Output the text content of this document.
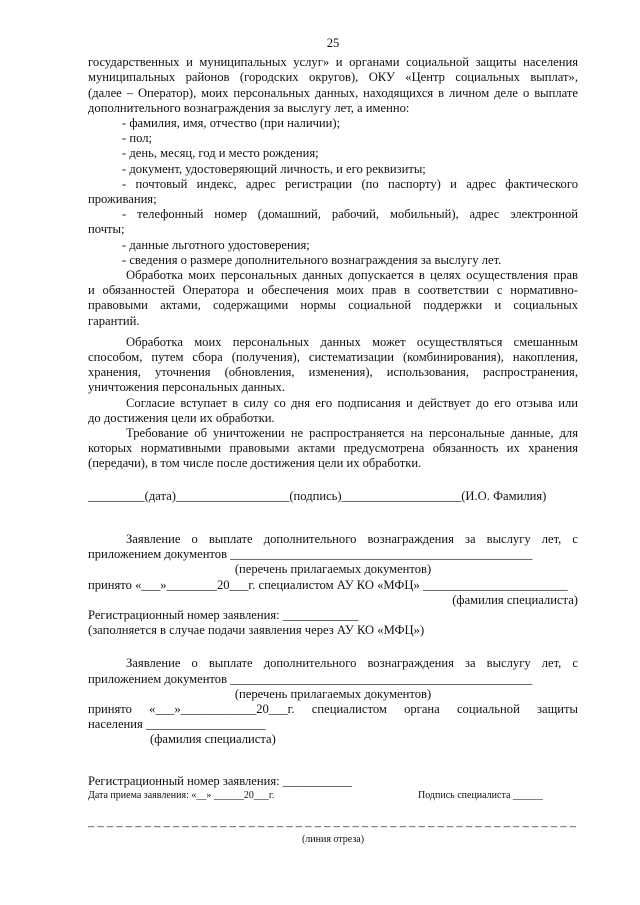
25
государственных и муниципальных услуг» и органами социальной защиты населения
муниципальных районов (городских округов), ОКУ «Центр социальных выплат»,
(далее – Оператор), моих персональных данных, находящихся в личном деле о выплате
дополнительного вознаграждения за выслугу лет, а именно:
- фамилия, имя, отчество (при наличии);
- пол;
- день, месяц, год и место рождения;
- документ, удостоверяющий личность, и его реквизиты;
- почтовый индекс, адрес регистрации (по паспорту) и адрес фактического
проживания;
- телефонный номер (домашний, рабочий, мобильный), адрес электронной
почты;
- данные льготного удостоверения;
- сведения о размере дополнительного вознаграждения за выслугу лет.
Обработка моих персональных данных допускается в целях осуществления прав
и обязанностей Оператора и обеспечения моих прав в соответствии с нормативно-
правовыми актами, содержащими нормы социальной поддержки и социальных
гарантий.
Обработка моих персональных данных может осуществляться смешанным
способом, путем сбора (получения), систематизации (комбинирования), накопления,
хранения, уточнения (обновления, изменения), использования, распространения,
уничтожения персональных данных.
Согласие вступает в силу со дня его подписания и действует до его отзыва или
до достижения цели их обработки.
Требование об уничтожении не распространяется на персональные данные, для
которых нормативными правовыми актами предусмотрена обязанность их хранения
(передачи), в том числе после достижения цели их обработки.
_________(дата)__________________(подпись)___________________(И.О. Фамилия)
Заявление о выплате дополнительного вознаграждения за выслугу лет, с
приложением документов ________________________________________________
(перечень прилагаемых документов)
принято «___»________20___г. специалистом АУ КО «МФЦ» _______________________
(фамилия специалиста)
Регистрационный номер заявления: ____________
(заполняется в случае подачи заявления через АУ КО «МФЦ»)
Заявление о выплате дополнительного вознаграждения за выслугу лет, с
приложением документов ________________________________________________
(перечень прилагаемых документов)
принято «___»____________20___г. специалистом органа социальной защиты
населения ___________________
(фамилия специалиста)
Регистрационный номер заявления: ___________
Дата приема заявления: «__» ______20___г.	Подпись специалиста ______
– – – – – – – – – – – – – – – – – – – – – – – – – – – – – – – – – – – – – – – – – – – – – – – – – – – –
(линия отреза)
